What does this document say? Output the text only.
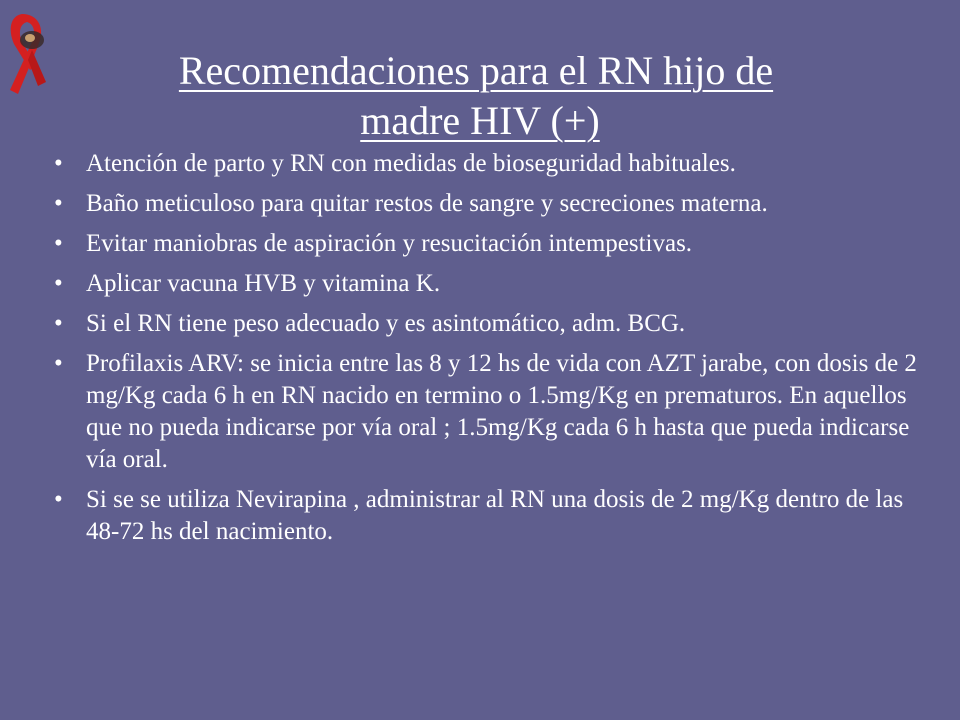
Recomendaciones para el RN hijo de
madre HIV (+)
• Atención de parto y RN con medidas de bioseguridad habituales.
• Baño meticuloso para quitar restos de sangre y secreciones materna.
• Evitar maniobras de aspiración y resucitación intempestivas.
• Aplicar vacuna HVB y vitamina K.
• Si el RN tiene peso adecuado y es asintomático, adm. BCG.
• Profilaxis ARV: se inicia entre las 8 y 12 hs de vida con AZT jarabe, con dosis de 2 mg/Kg cada 6 h en RN nacido en termino o 1.5mg/Kg en prematuros. En aquellos que no pueda indicarse por vía oral ; 1.5mg/Kg cada 6 h hasta que pueda indicarse vía oral.
• Si se se utiliza Nevirapina , administrar al RN una dosis de 2 mg/Kg dentro de las 48-72 hs del nacimiento.
